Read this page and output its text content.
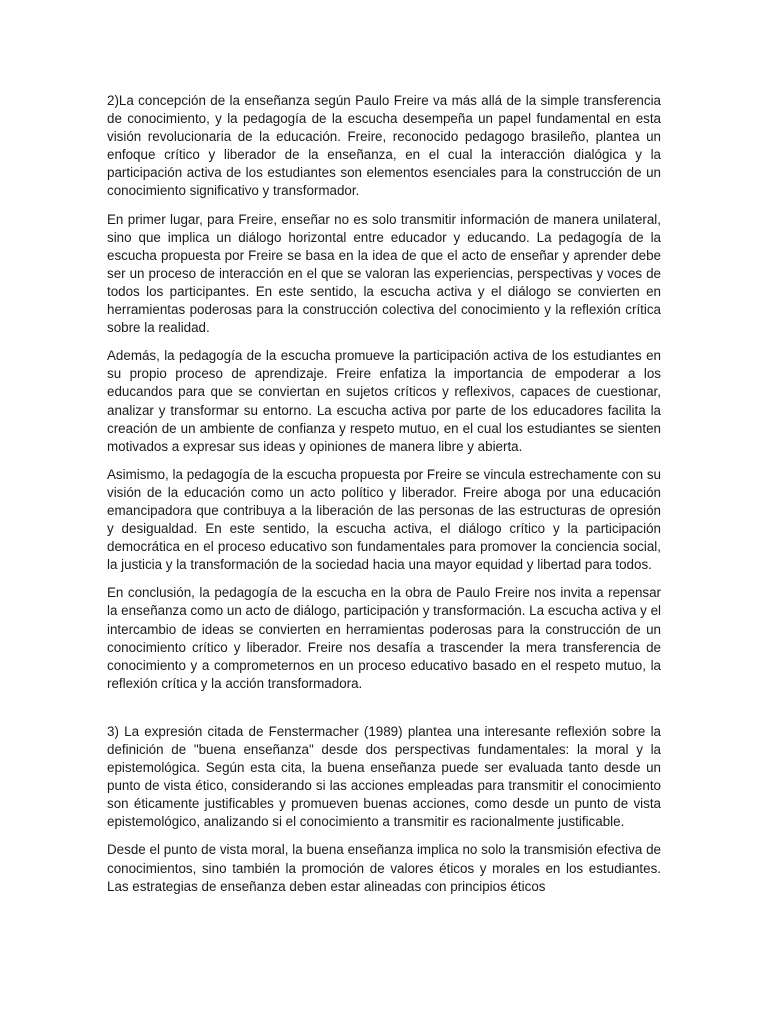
2)La concepción de la enseñanza según Paulo Freire va más allá de la simple transferencia de conocimiento, y la pedagogía de la escucha desempeña un papel fundamental en esta visión revolucionaria de la educación. Freire, reconocido pedagogo brasileño, plantea un enfoque crítico y liberador de la enseñanza, en el cual la interacción dialógica y la participación activa de los estudiantes son elementos esenciales para la construcción de un conocimiento significativo y transformador.

En primer lugar, para Freire, enseñar no es solo transmitir información de manera unilateral, sino que implica un diálogo horizontal entre educador y educando. La pedagogía de la escucha propuesta por Freire se basa en la idea de que el acto de enseñar y aprender debe ser un proceso de interacción en el que se valoran las experiencias, perspectivas y voces de todos los participantes. En este sentido, la escucha activa y el diálogo se convierten en herramientas poderosas para la construcción colectiva del conocimiento y la reflexión crítica sobre la realidad.

Además, la pedagogía de la escucha promueve la participación activa de los estudiantes en su propio proceso de aprendizaje. Freire enfatiza la importancia de empoderar a los educandos para que se conviertan en sujetos críticos y reflexivos, capaces de cuestionar, analizar y transformar su entorno. La escucha activa por parte de los educadores facilita la creación de un ambiente de confianza y respeto mutuo, en el cual los estudiantes se sienten motivados a expresar sus ideas y opiniones de manera libre y abierta.

Asimismo, la pedagogía de la escucha propuesta por Freire se vincula estrechamente con su visión de la educación como un acto político y liberador. Freire aboga por una educación emancipadora que contribuya a la liberación de las personas de las estructuras de opresión y desigualdad. En este sentido, la escucha activa, el diálogo crítico y la participación democrática en el proceso educativo son fundamentales para promover la conciencia social, la justicia y la transformación de la sociedad hacia una mayor equidad y libertad para todos.

En conclusión, la pedagogía de la escucha en la obra de Paulo Freire nos invita a repensar la enseñanza como un acto de diálogo, participación y transformación. La escucha activa y el intercambio de ideas se convierten en herramientas poderosas para la construcción de un conocimiento crítico y liberador. Freire nos desafía a trascender la mera transferencia de conocimiento y a comprometernos en un proceso educativo basado en el respeto mutuo, la reflexión crítica y la acción transformadora.

3) La expresión citada de Fenstermacher (1989) plantea una interesante reflexión sobre la definición de "buena enseñanza" desde dos perspectivas fundamentales: la moral y la epistemológica. Según esta cita, la buena enseñanza puede ser evaluada tanto desde un punto de vista ético, considerando si las acciones empleadas para transmitir el conocimiento son éticamente justificables y promueven buenas acciones, como desde un punto de vista epistemológico, analizando si el conocimiento a transmitir es racionalmente justificable.

Desde el punto de vista moral, la buena enseñanza implica no solo la transmisión efectiva de conocimientos, sino también la promoción de valores éticos y morales en los estudiantes. Las estrategias de enseñanza deben estar alineadas con principios éticos
